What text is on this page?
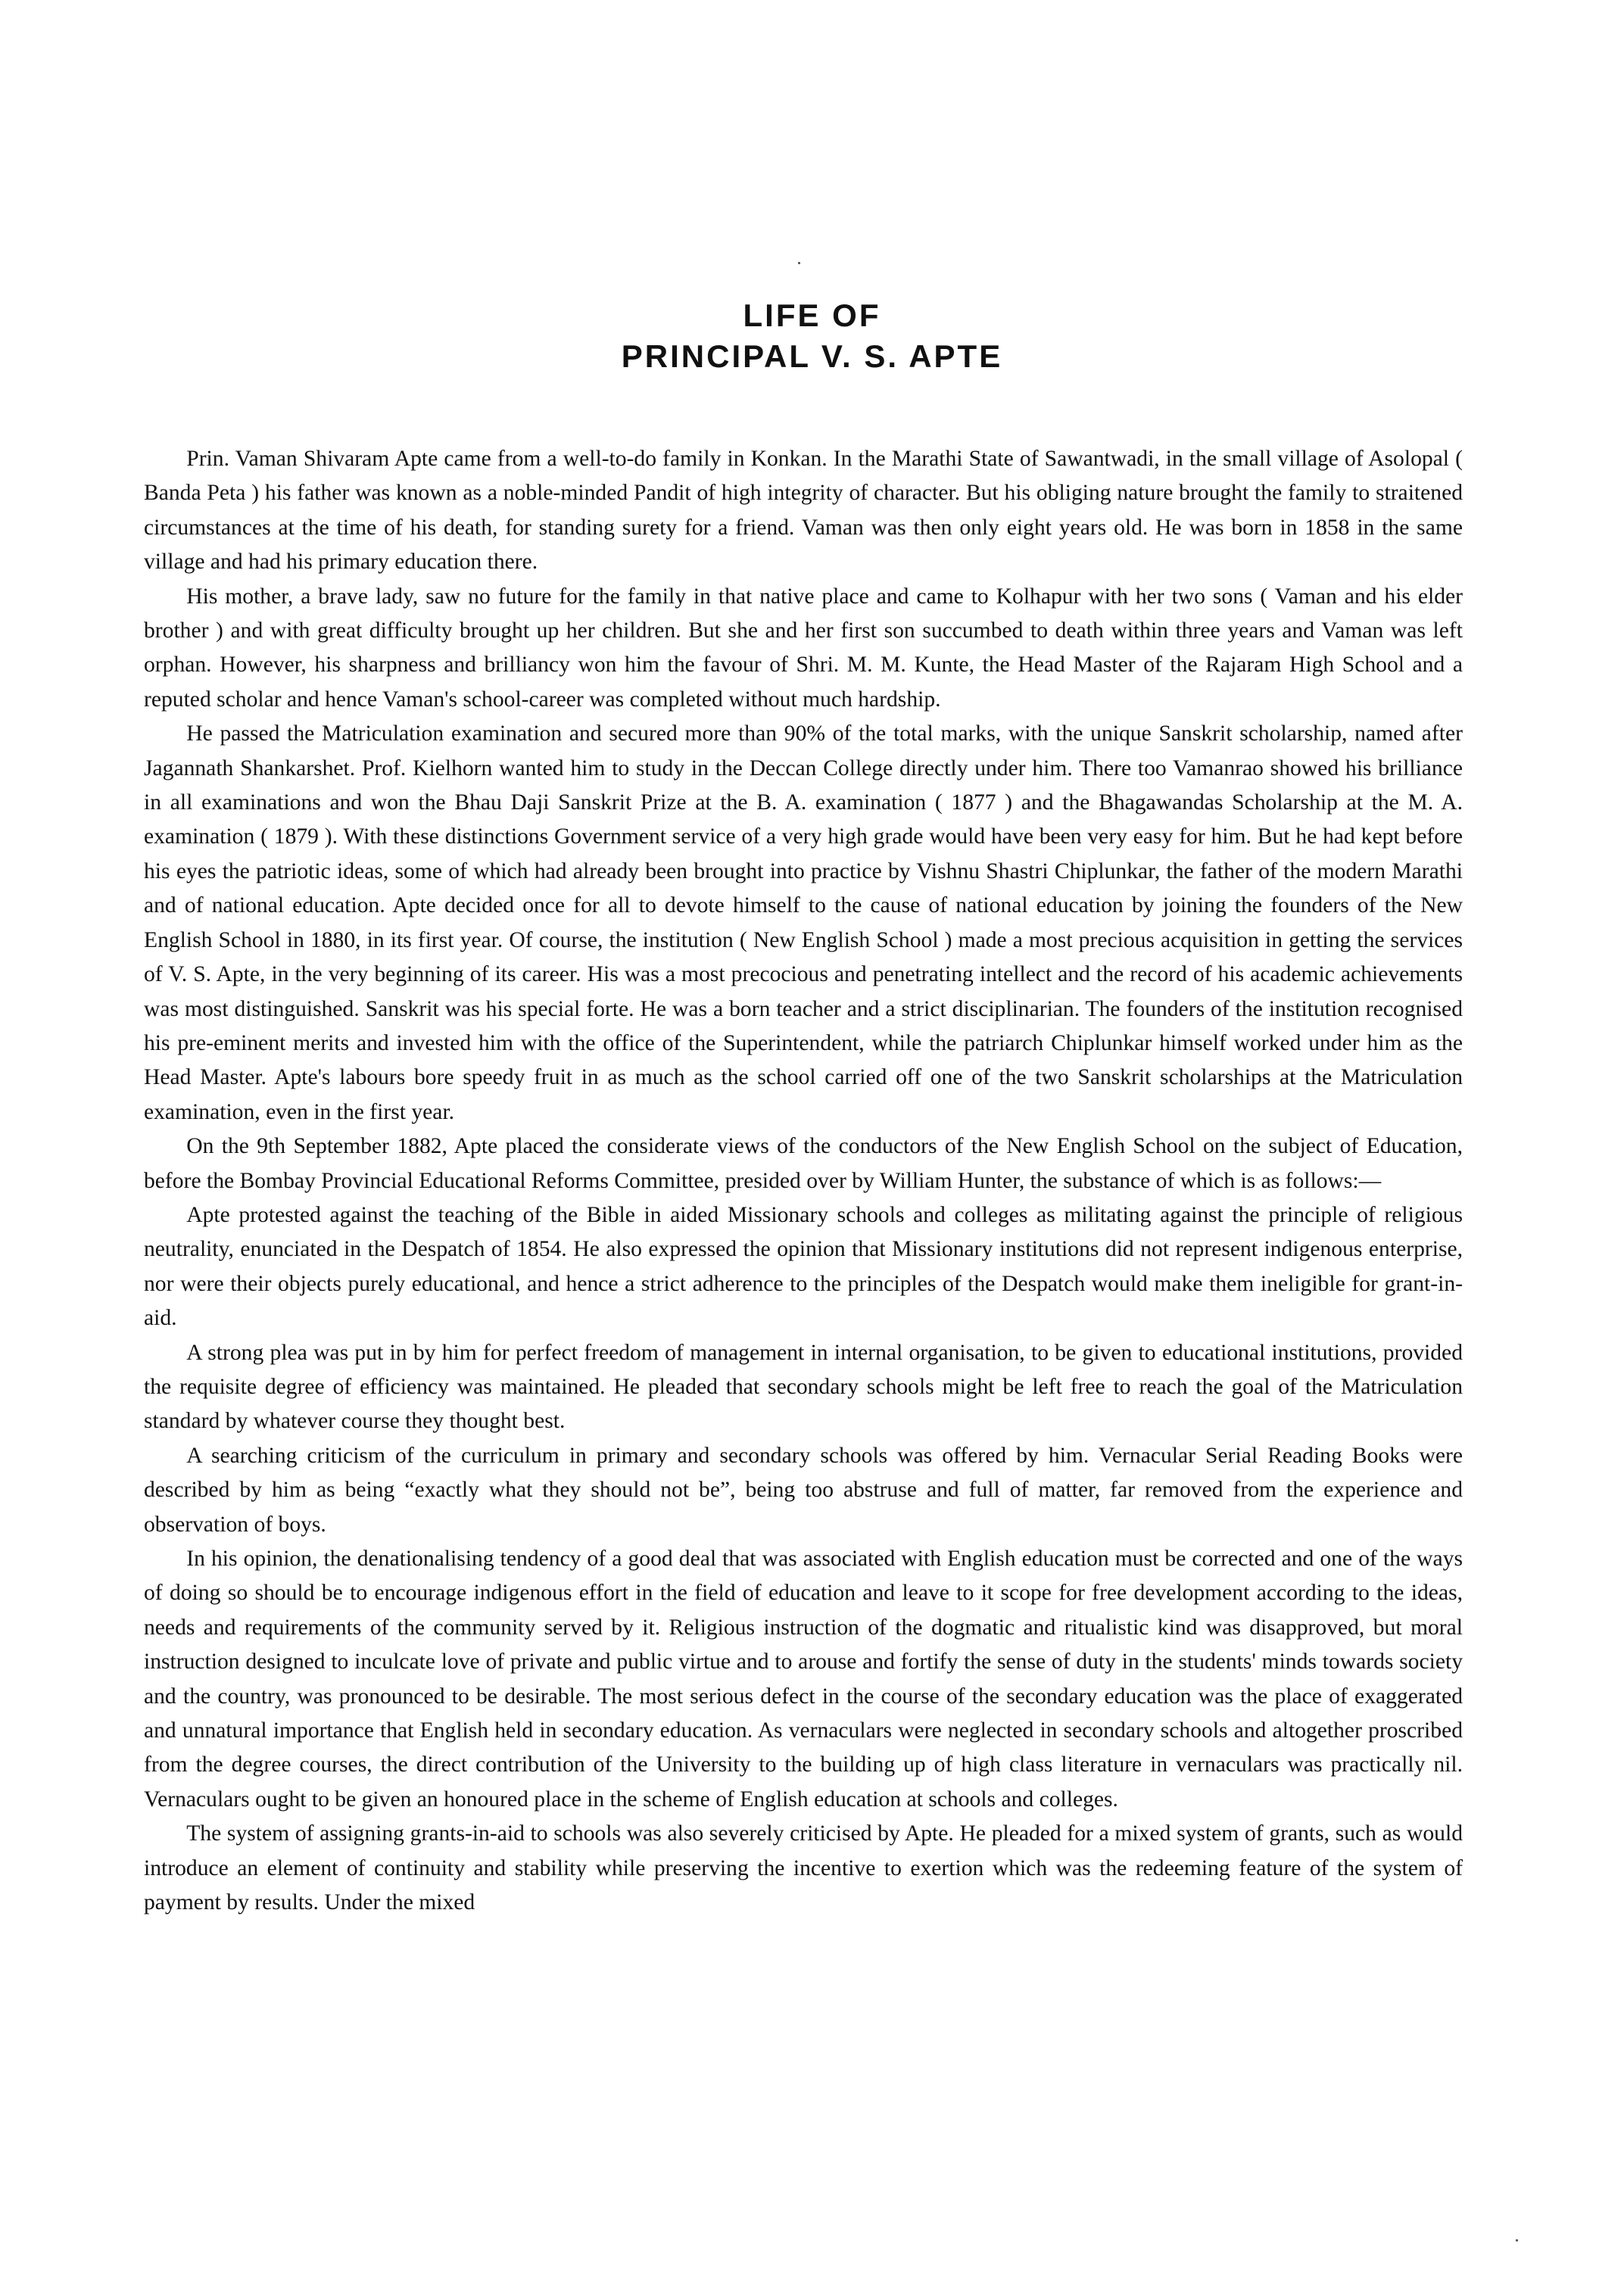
LIFE OF
PRINCIPAL V. S. APTE

Prin. Vaman Shivaram Apte came from a well-to-do family in Konkan. In the Marathi State of Sawantwadi, in the small village of Asolopal ( Banda Peta ) his father was known as a noble-minded Pandit of high integrity of character. But his obliging nature brought the family to straitened circumstances at the time of his death, for standing surety for a friend. Vaman was then only eight years old. He was born in 1858 in the same village and had his primary education there.

His mother, a brave lady, saw no future for the family in that native place and came to Kolhapur with her two sons ( Vaman and his elder brother ) and with great difficulty brought up her children. But she and her first son succumbed to death within three years and Vaman was left orphan. However, his sharpness and brilliancy won him the favour of Shri. M. M. Kunte, the Head Master of the Rajaram High School and a reputed scholar and hence Vaman's school-career was completed without much hardship.

He passed the Matriculation examination and secured more than 90% of the total marks, with the unique Sanskrit scholarship, named after Jagannath Shankarshet. Prof. Kielhorn wanted him to study in the Deccan College directly under him. There too Vamanrao showed his brilliance in all examinations and won the Bhau Daji Sanskrit Prize at the B. A. examination ( 1877 ) and the Bhagawandas Scholarship at the M. A. examination ( 1879 ). With these distinctions Government service of a very high grade would have been very easy for him. But he had kept before his eyes the patriotic ideas, some of which had already been brought into practice by Vishnu Shastri Chiplunkar, the father of the modern Marathi and of national education. Apte decided once for all to devote himself to the cause of national education by joining the founders of the New English School in 1880, in its first year. Of course, the institution ( New English School ) made a most precious acquisition in getting the services of V. S. Apte, in the very beginning of its career. His was a most precocious and penetrating intellect and the record of his academic achievements was most distinguished. Sanskrit was his special forte. He was a born teacher and a strict disciplinarian. The founders of the institution recognised his pre-eminent merits and invested him with the office of the Superintendent, while the patriarch Chiplunkar himself worked under him as the Head Master. Apte's labours bore speedy fruit in as much as the school carried off one of the two Sanskrit scholarships at the Matriculation examination, even in the first year.

On the 9th September 1882, Apte placed the considerate views of the conductors of the New English School on the subject of Education, before the Bombay Provincial Educational Reforms Committee, presided over by William Hunter, the substance of which is as follows:—

Apte protested against the teaching of the Bible in aided Missionary schools and colleges as militating against the principle of religious neutrality, enunciated in the Despatch of 1854. He also expressed the opinion that Missionary institutions did not represent indigenous enterprise, nor were their objects purely educational, and hence a strict adherence to the principles of the Despatch would make them ineligible for grant-in-aid.

A strong plea was put in by him for perfect freedom of management in internal organisation, to be given to educational institutions, provided the requisite degree of efficiency was maintained. He pleaded that secondary schools might be left free to reach the goal of the Matriculation standard by whatever course they thought best.

A searching criticism of the curriculum in primary and secondary schools was offered by him. Vernacular Serial Reading Books were described by him as being “exactly what they should not be”, being too abstruse and full of matter, far removed from the experience and observation of boys.

In his opinion, the denationalising tendency of a good deal that was associated with English education must be corrected and one of the ways of doing so should be to encourage indigenous effort in the field of education and leave to it scope for free development according to the ideas, needs and requirements of the community served by it. Religious instruction of the dogmatic and ritualistic kind was disapproved, but moral instruction designed to inculcate love of private and public virtue and to arouse and fortify the sense of duty in the students' minds towards society and the country, was pronounced to be desirable. The most serious defect in the course of the secondary education was the place of exaggerated and unnatural importance that English held in secondary education. As vernaculars were neglected in secondary schools and altogether proscribed from the degree courses, the direct contribution of the University to the building up of high class literature in vernaculars was practically nil. Vernaculars ought to be given an honoured place in the scheme of English education at schools and colleges.

The system of assigning grants-in-aid to schools was also severely criticised by Apte. He pleaded for a mixed system of grants, such as would introduce an element of continuity and stability while preserving the incentive to exertion which was the redeeming feature of the system of payment by results. Under the mixed
